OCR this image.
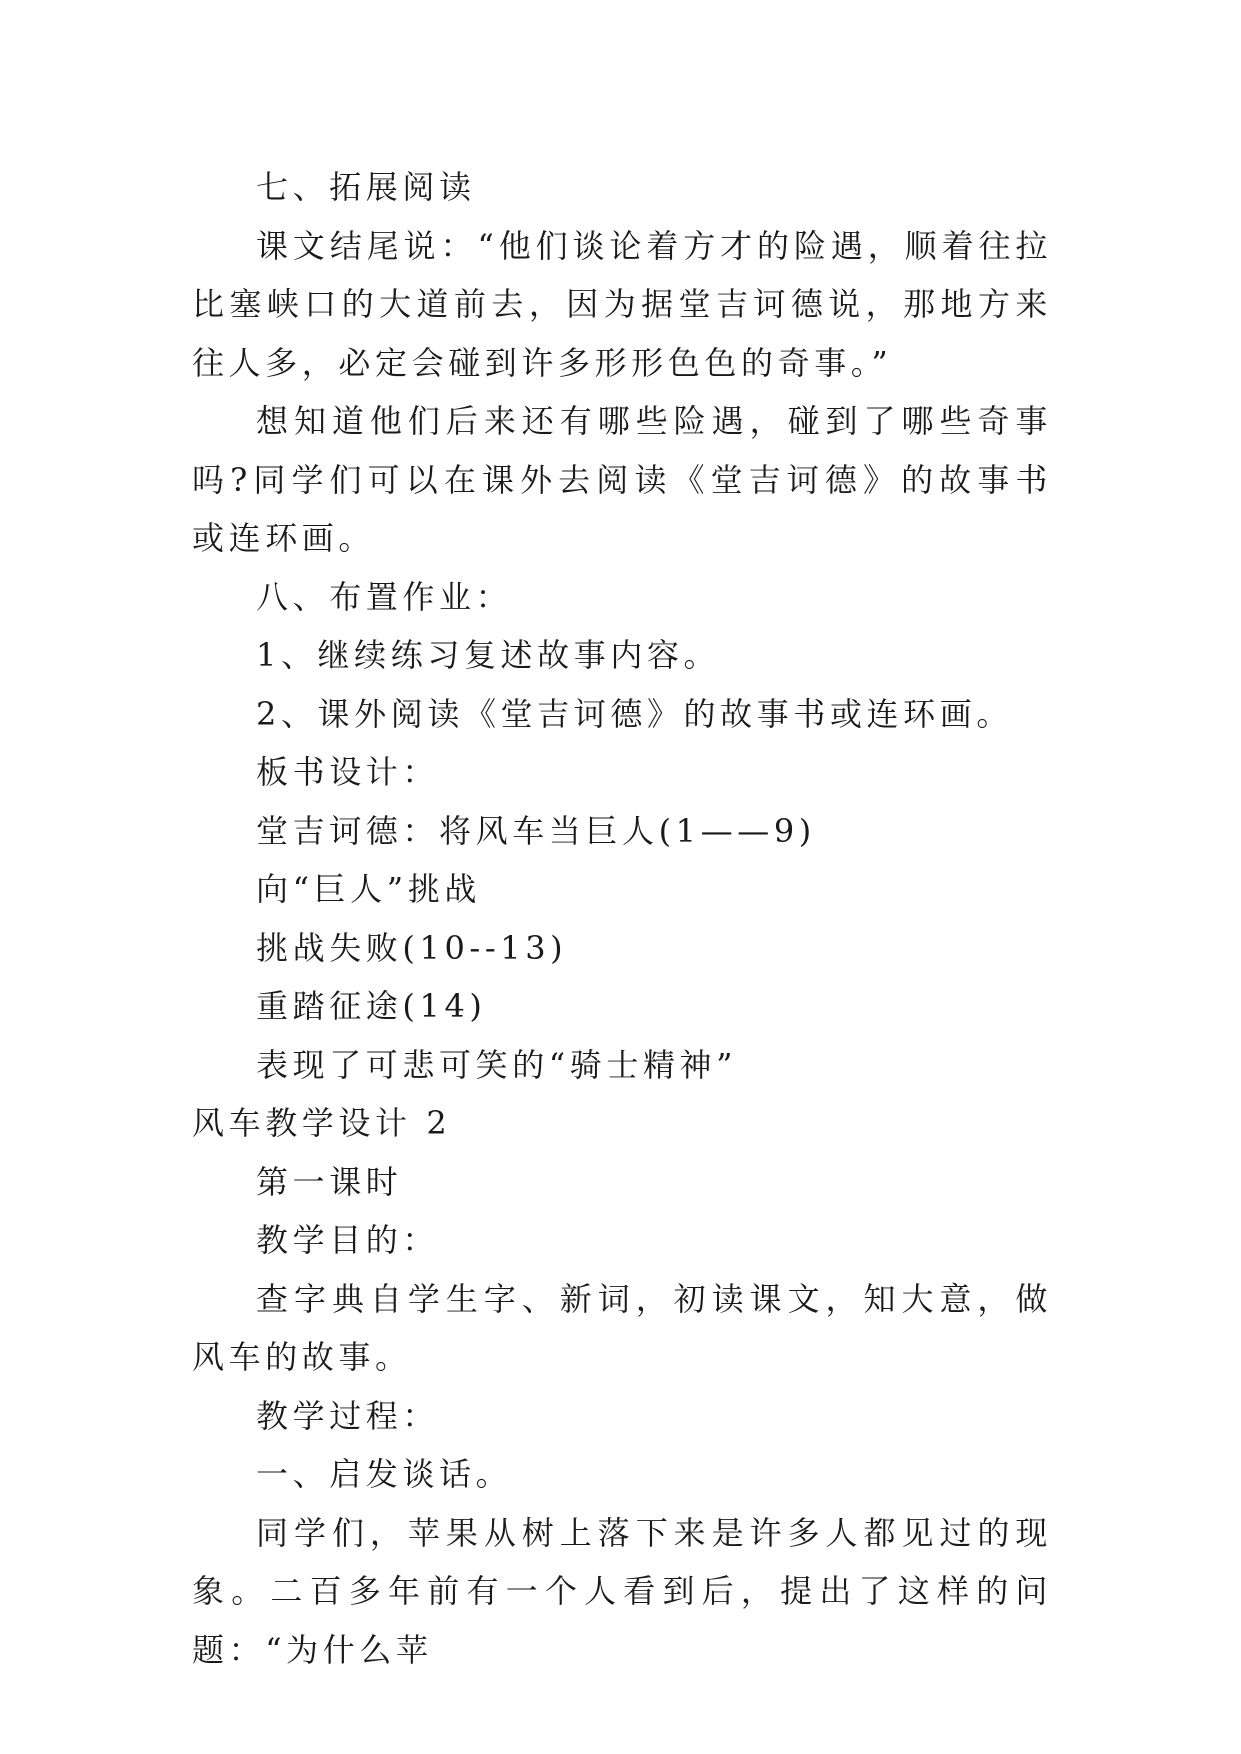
七、拓展阅读

课文结尾说：“他们谈论着方才的险遇，顺着往拉比塞峡口的大道前去，因为据堂吉诃德说，那地方来往人多，必定会碰到许多形形色色的奇事。”

想知道他们后来还有哪些险遇，碰到了哪些奇事吗?同学们可以在课外去阅读《堂吉诃德》的故事书或连环画。

八、布置作业：

1、继续练习复述故事内容。

2、课外阅读《堂吉诃德》的故事书或连环画。

板书设计：

堂吉诃德：将风车当巨人(1——9)

向“巨人”挑战

挑战失败(10--13)

重踏征途(14)

表现了可悲可笑的“骑士精神”

风车教学设计 2

第一课时

教学目的：

查字典自学生字、新词，初读课文，知大意，做风车的故事。

教学过程：

一、启发谈话。

同学们，苹果从树上落下来是许多人都见过的现象。二百多年前有一个人看到后，提出了这样的问题：“为什么苹
